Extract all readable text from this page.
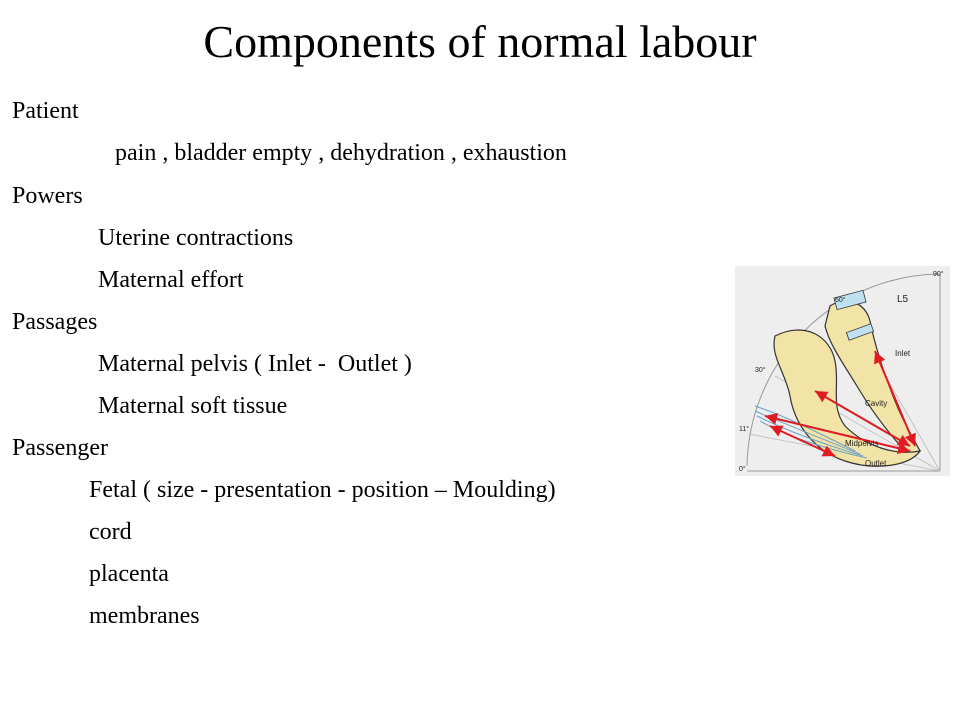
Components of normal labour
Patient
pain , bladder empty , dehydration , exhaustion
Powers
Uterine contractions
Maternal effort
Passages
Maternal pelvis ( Inlet -  Outlet )
Maternal soft tissue
Passenger
Fetal ( size - presentation - position – Moulding)
cord
placenta
membranes
L5
Inlet
Cavity
Midpelvis
Outlet
90°
60°
30°
11°
0°
